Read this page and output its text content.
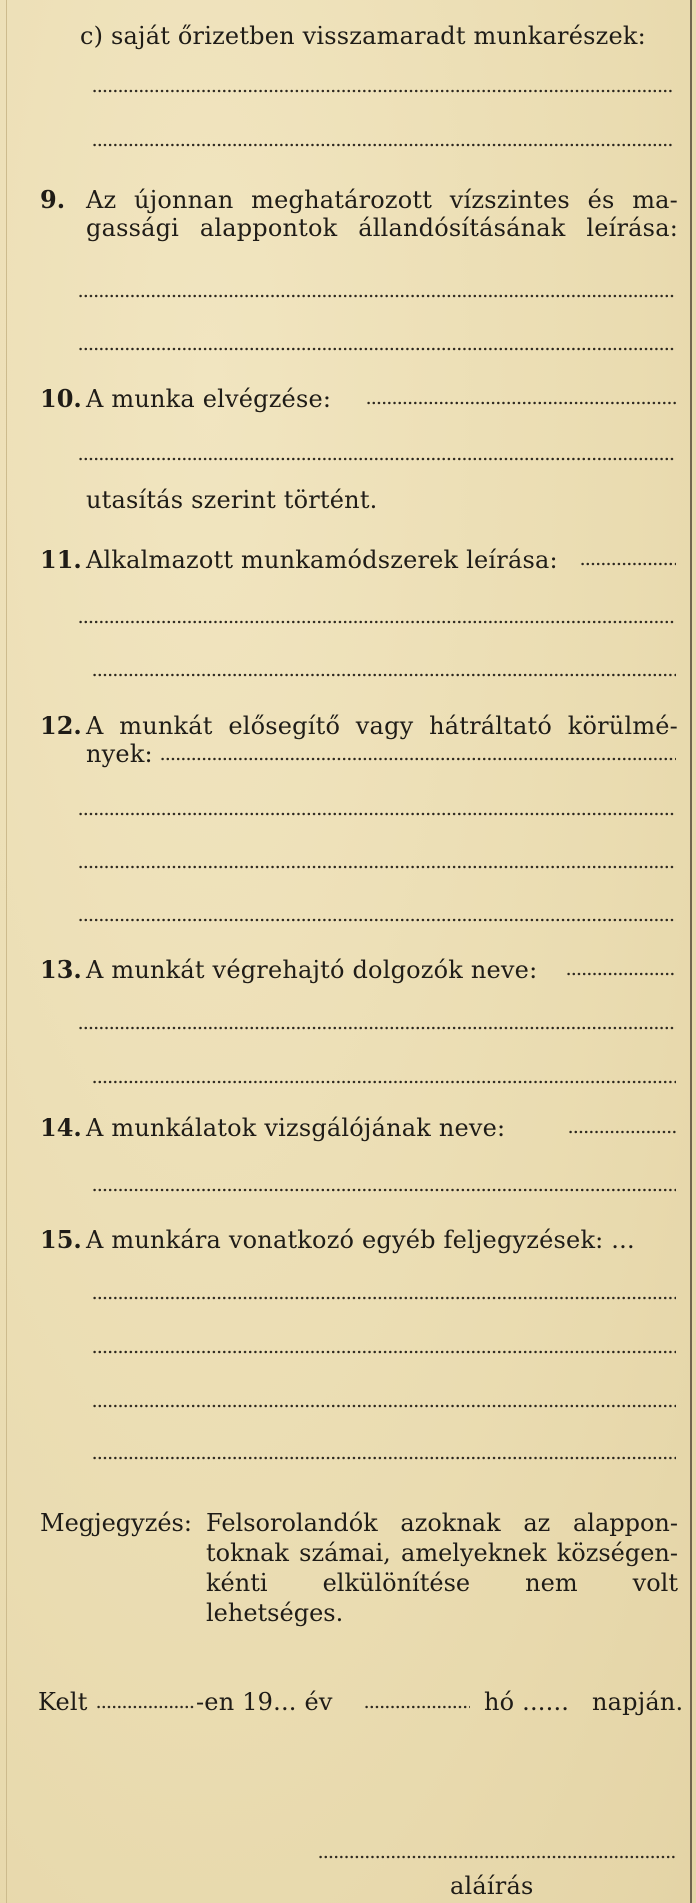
c) saját őrizetben visszamaradt munkarészek:
9. Az újonnan meghatározott vízszintes és ma-
gassági alappontok állandósításának leírása:
10. A munka elvégzése:
utasítás szerint történt.
11. Alkalmazott munkamódszerek leírása:
12. A munkát elősegítő vagy hátráltató körülmé-
nyek:
13. A munkát végrehajtó dolgozók neve:
14. A munkálatok vizsgálójának neve:
15. A munkára vonatkozó egyéb feljegyzések: ...
Megjegyzés: Felsorolandók azoknak az alappon-
toknak számai, amelyeknek községen-
kénti elkülönítése nem volt lehetséges.
Kelt	-en 19... év	hó ...... napján.
aláírás
